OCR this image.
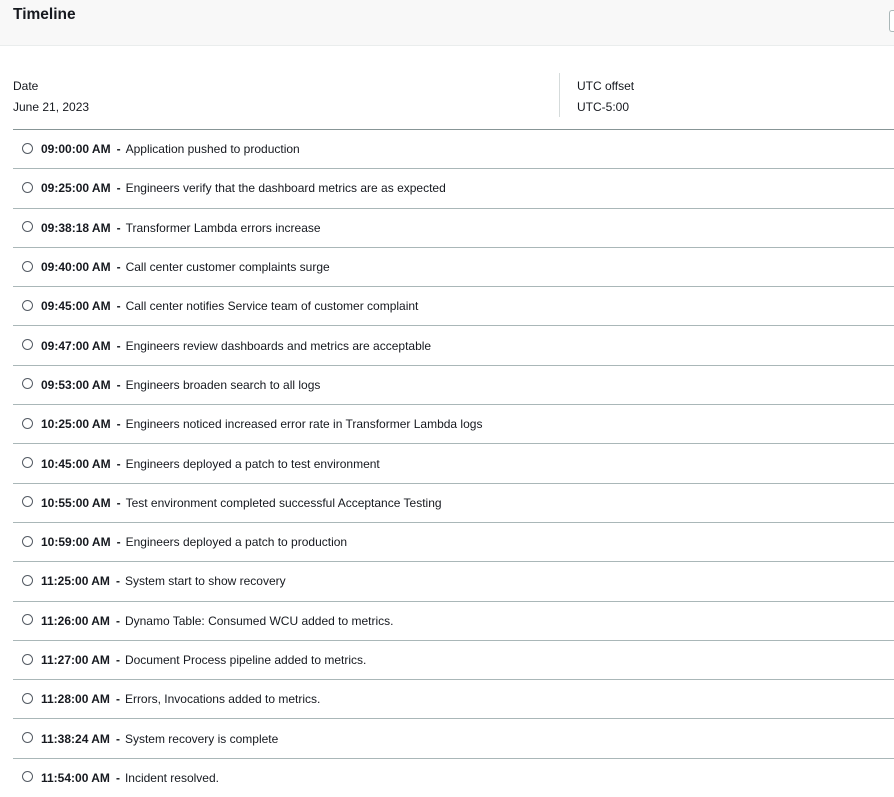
Timeline
Date
June 21, 2023
UTC offset
UTC-5:00
09:00:00 AM - Application pushed to production
09:25:00 AM - Engineers verify that the dashboard metrics are as expected
09:38:18 AM - Transformer Lambda errors increase
09:40:00 AM - Call center customer complaints surge
09:45:00 AM - Call center notifies Service team of customer complaint
09:47:00 AM - Engineers review dashboards and metrics are acceptable
09:53:00 AM - Engineers broaden search to all logs
10:25:00 AM - Engineers noticed increased error rate in Transformer Lambda logs
10:45:00 AM - Engineers deployed a patch to test environment
10:55:00 AM - Test environment completed successful Acceptance Testing
10:59:00 AM - Engineers deployed a patch to production
11:25:00 AM - System start to show recovery
11:26:00 AM - Dynamo Table: Consumed WCU added to metrics.
11:27:00 AM - Document Process pipeline added to metrics.
11:28:00 AM - Errors, Invocations added to metrics.
11:38:24 AM - System recovery is complete
11:54:00 AM - Incident resolved.
